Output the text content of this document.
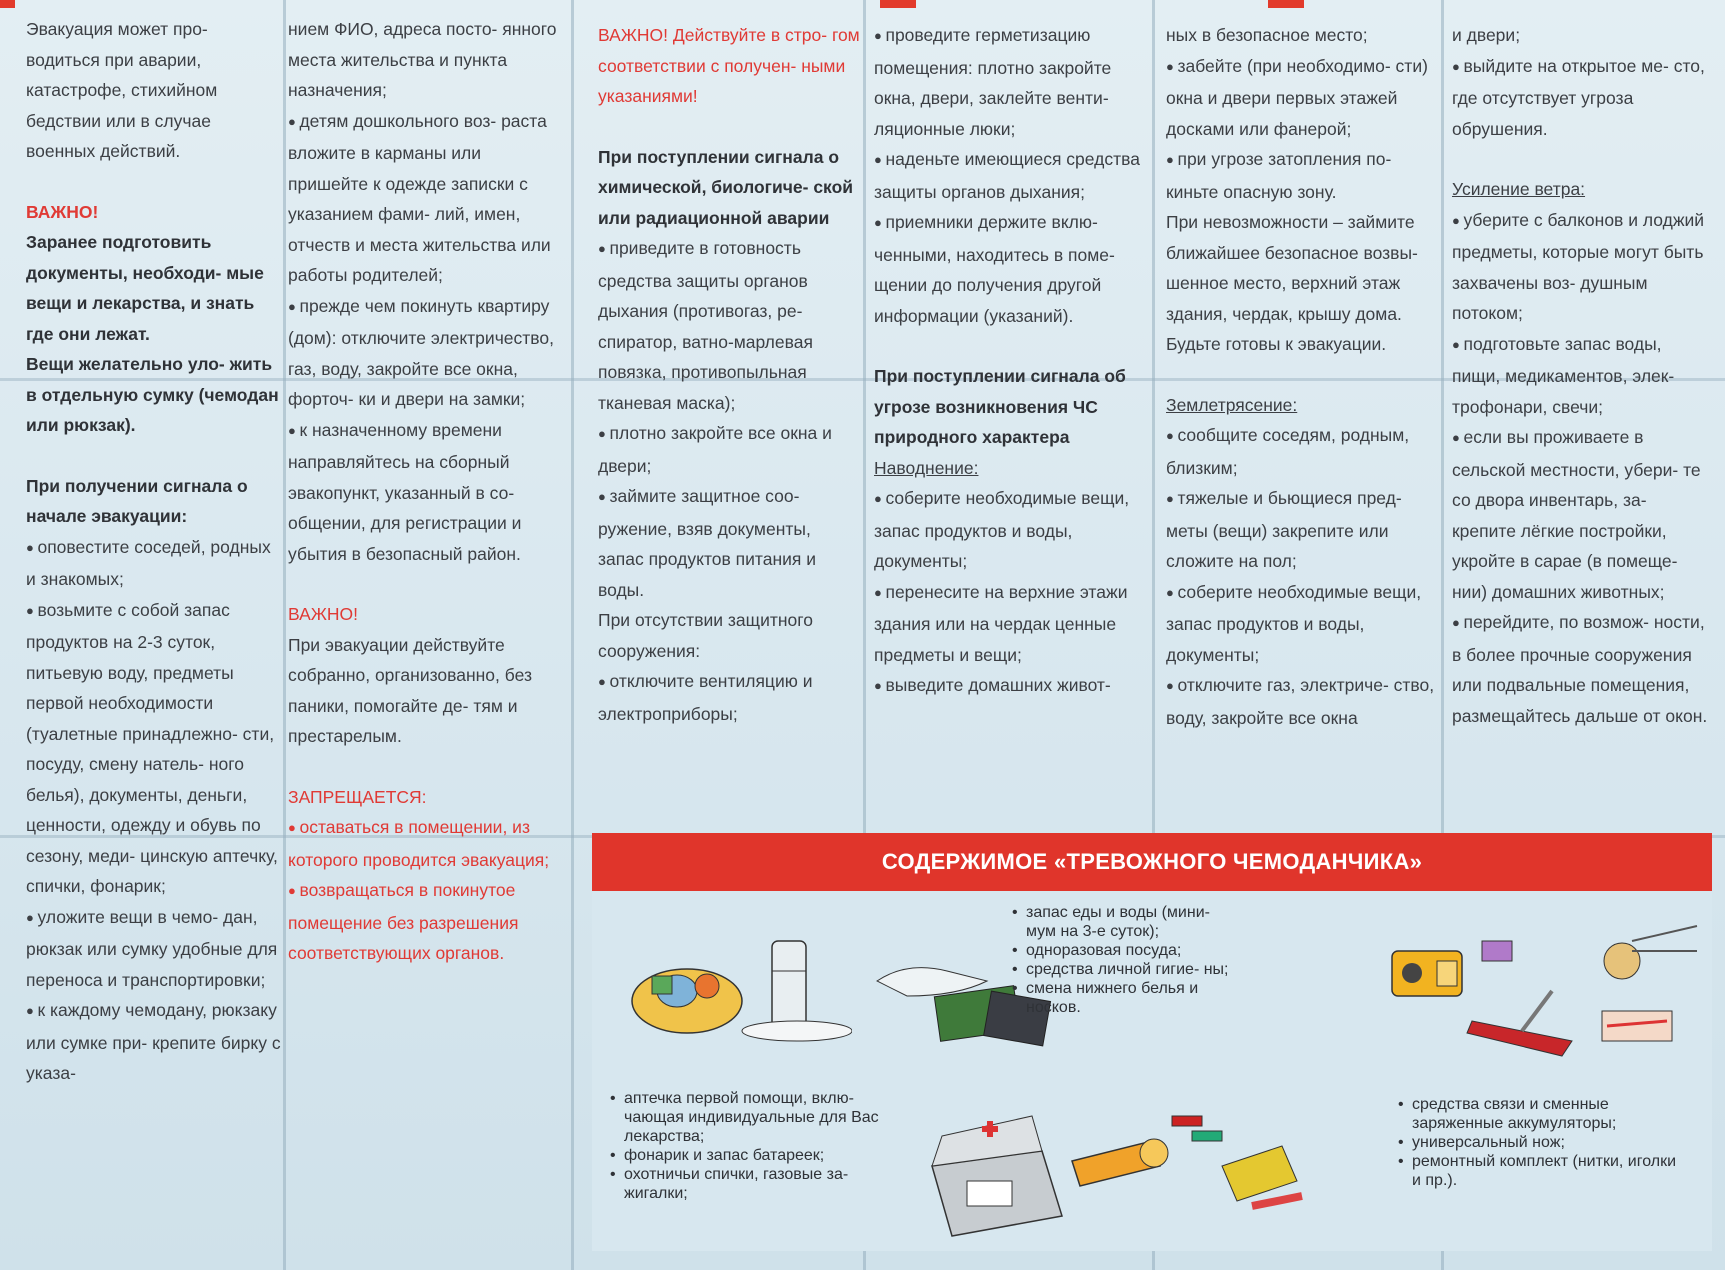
Эвакуация может про- водиться при аварии, катастрофе, стихийном бедствии или в случае военных действий.

ВАЖНО!

Заранее подготовить документы, необходи- мые вещи и лекарства, и знать где они лежат.

Вещи желательно уло- жить в отдельную сумку (чемодан или рюкзак).

При получении сигнала о начале эвакуации:

● оповестите соседей, родных и знакомых;

● возьмите с собой запас продуктов на 2-3 суток, питьевую воду, предметы первой необходимости (туалетные принадлежно- сти, посуду, смену натель- ного белья), документы, деньги, ценности, одежду и обувь по сезону, меди- цинскую аптечку, спички, фонарик;

● уложите вещи в чемо- дан, рюкзак или сумку удобные для переноса и транспортировки;

● к каждому чемодану, рюкзаку или сумке при- крепите бирку с указа-

нием ФИО, адреса посто- янного места жительства и пункта назначения;

● детям дошкольного воз- раста вложите в карманы или пришейте к одежде записки с указанием фами- лий, имен, отчеств и места жительства или работы родителей;

● прежде чем покинуть квартиру (дом): отключите электричество, газ, воду, закройте все окна, форточ- ки и двери на замки;

● к назначенному времени направляйтесь на сборный эвакопункт, указанный в со- общении, для регистрации и убытия в безопасный район.

ВАЖНО!

При эвакуации действуйте собранно, организованно, без паники, помогайте де- тям и престарелым.

ЗАПРЕЩАЕТСЯ:

● оставаться в помещении, из которого проводится эвакуация;

● возвращаться в покинутое помещение без разрешения соответствующих органов.

ВАЖНО! Действуйте в стро- гом соответствии с получен- ными указаниями!

При поступлении сигнала о химической, биологиче- ской или радиационной аварии

● приведите в готовность средства защиты органов дыхания (противогаз, ре- спиратор, ватно-марлевая повязка, противопыльная тканевая маска);

● плотно закройте все окна и двери;

● займите защитное соо- ружение, взяв документы, запас продуктов питания и воды.

При отсутствии защитного сооружения:

● отключите вентиляцию и электроприборы;

● проведите герметизацию помещения: плотно закройте окна, двери, заклейте венти- ляционные люки;

● наденьте имеющиеся средства защиты органов дыхания;

● приемники держите вклю- ченными, находитесь в поме- щении до получения другой информации (указаний).

При поступлении сигнала об угрозе возникновения ЧС природного характера

Наводнение:

● соберите необходимые вещи, запас продуктов и воды, документы;

● перенесите на верхние этажи здания или на чердак ценные предметы и вещи;

● выведите домашних живот-

ных в безопасное место;

● забейте (при необходимо- сти) окна и двери первых этажей досками или фанерой;

● при угрозе затопления по- киньте опасную зону.

При невозможности – займите ближайшее безопасное возвы- шенное место, верхний этаж здания, чердак, крышу дома. Будьте готовы к эвакуации.

Землетрясение:

● сообщите соседям, родным, близким;

● тяжелые и бьющиеся пред- меты (вещи) закрепите или сложите на пол;

● соберите необходимые вещи, запас продуктов и воды, документы;

● отключите газ, электриче- ство, воду, закройте все окна

и двери;

● выйдите на открытое ме- сто, где отсутствует угроза обрушения.

Усиление ветра:

● уберите с балконов и лоджий предметы, которые могут быть захвачены воз- душным потоком;

● подготовьте запас воды, пищи, медикаментов, элек- трофонари, свечи;

● если вы проживаете в сельской местности, убери- те со двора инвентарь, за- крепите лёгкие постройки, укройте в сарае (в помеще- нии) домашних животных;

● перейдите, по возмож- ности, в более прочные сооружения или подвальные помещения, размещайтесь дальше от окон.

СОДЕРЖИМОЕ «ТРЕВОЖНОГО ЧЕМОДАНЧИКА»
• запас еды и воды (мини- мум на 3-е суток);
• одноразовая посуда;
• средства личной гигие- ны;
• смена нижнего белья и носков.
• аптечка первой помощи, вклю- чающая индивидуальные для Вас лекарства;
• фонарик и запас батареек;
• охотничьи спички, газовые за- жигалки;
• средства связи и сменные заряженные аккумуляторы;
• универсальный нож;
• ремонтный комплект (нитки, иголки и пр.).
